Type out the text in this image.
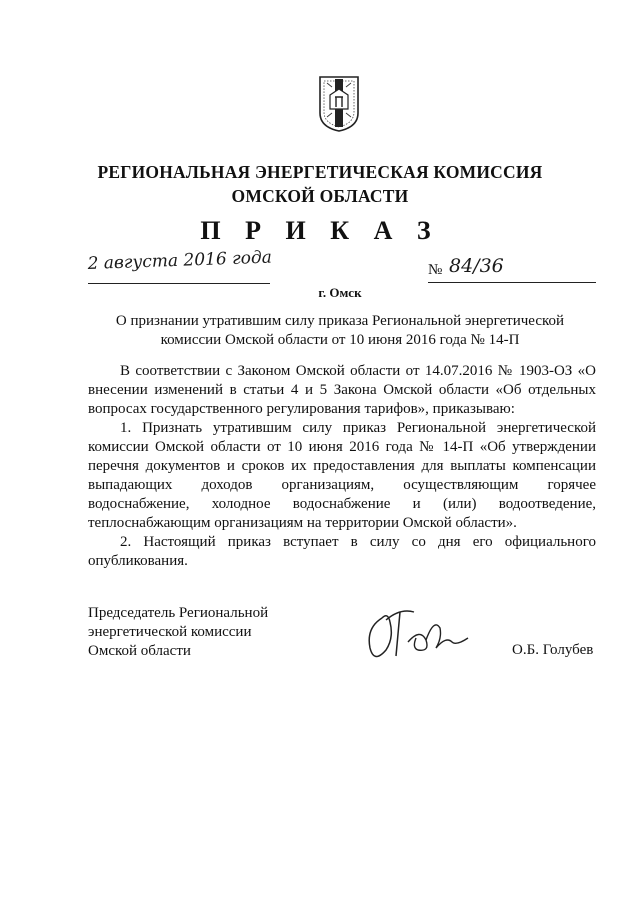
РЕГИОНАЛЬНАЯ ЭНЕРГЕТИЧЕСКАЯ КОМИССИЯ
ОМСКОЙ ОБЛАСТИ
П Р И К А З
2 августа 2016 года	№ 84/36
г. Омск
О признании утратившим силу приказа Региональной энергетической
комиссии Омской области от 10 июня 2016 года № 14-П

В соответствии с Законом Омской области от 14.07.2016 № 1903-ОЗ «О внесении изменений в статьи 4 и 5 Закона Омской области «Об отдельных вопросах государственного регулирования тарифов», приказываю:

1. Признать утратившим силу приказ Региональной энергетической комиссии Омской области от 10 июня 2016 года № 14-П «Об утверждении перечня документов и сроков их предоставления для выплаты компенсации выпадающих доходов организациям, осуществляющим горячее водоснабжение, холодное водоснабжение и (или) водоотведение, теплоснабжающим организациям на территории Омской области».

2. Настоящий приказ вступает в силу со дня его официального опубликования.

Председатель Региональной
энергетической комиссии
Омской области	О.Б. Голубев
